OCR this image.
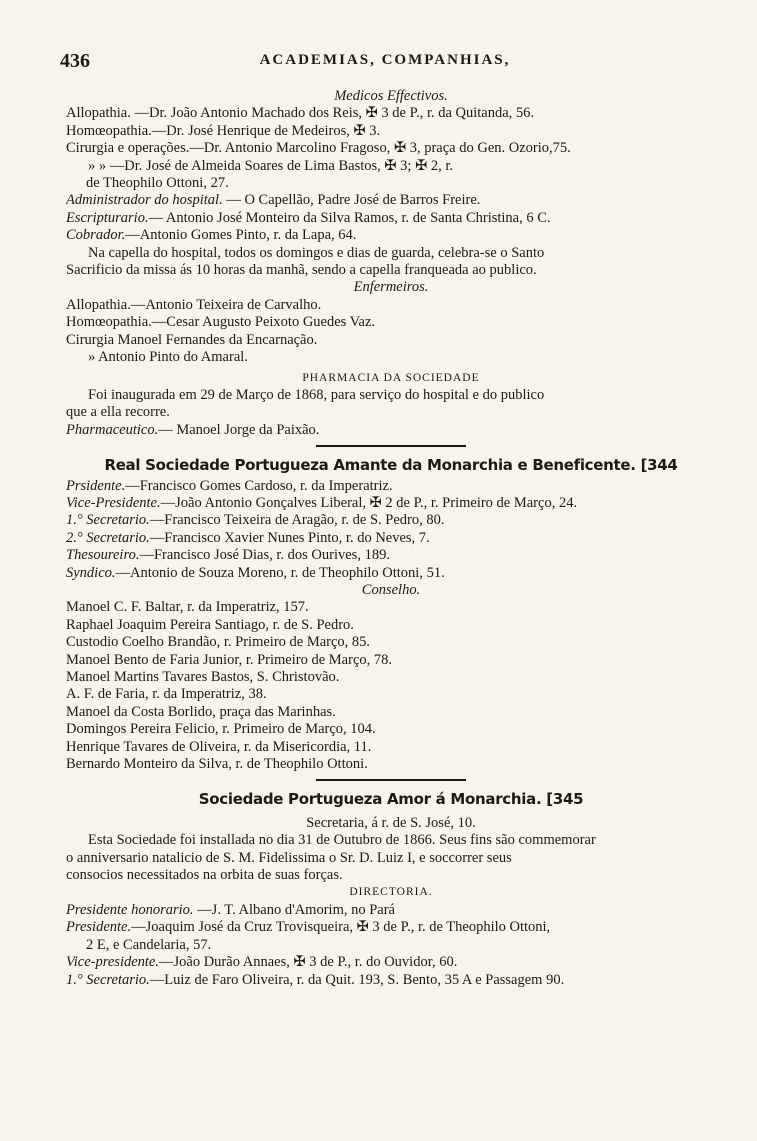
436	ACADEMIAS, COMPANHIAS,
Medicos Effectivos.
Allopathia. —Dr. João Antonio Machado dos Reis, ✠ 3 de P., r. da Quitanda, 56.
Homœopathia.—Dr. José Henrique de Medeiros, ✠ 3.
Cirurgia e operações.—Dr. Antonio Marcolino Fragoso, ✠ 3, praça do Gen. Ozorio,75.
» » —Dr. José de Almeida Soares de Lima Bastos, ✠ 3; ✠ 2, r.
de Theophilo Ottoni, 27.
Administrador do hospital. — O Capellão, Padre José de Barros Freire.
Escripturario.— Antonio José Monteiro da Silva Ramos, r. de Santa Christina, 6 C.
Cobrador.—Antonio Gomes Pinto, r. da Lapa, 64.
Na capella do hospital, todos os domingos e dias de guarda, celebra-se o Santo
Sacrificio da missa ás 10 horas da manhã, sendo a capella franqueada ao publico.
Enfermeiros.
Allopathia.—Antonio Teixeira de Carvalho.
Homœopathia.—Cesar Augusto Peixoto Guedes Vaz.
Cirurgia Manoel Fernandes da Encarnação.
» Antonio Pinto do Amaral.
PHARMACIA DA SOCIEDADE
Foi inaugurada em 29 de Março de 1868, para serviço do hospital e do publico
que a ella recorre.
Pharmaceutico.— Manoel Jorge da Paixão.
Real Sociedade Portugueza Amante da Monarchia e Beneficente. [344
Prsidente.—Francisco Gomes Cardoso, r. da Imperatriz.
Vice-Presidente.—João Antonio Gonçalves Liberal, ✠ 2 de P., r. Primeiro de Março, 24.
1.° Secretario.—Francisco Teixeira de Aragão, r. de S. Pedro, 80.
2.° Secretario.—Francisco Xavier Nunes Pinto, r. do Neves, 7.
Thesoureiro.—Francisco José Dias, r. dos Ourives, 189.
Syndico.—Antonio de Souza Moreno, r. de Theophilo Ottoni, 51.
Conselho.
Manoel C. F. Baltar, r. da Imperatriz, 157.
Raphael Joaquim Pereira Santiago, r. de S. Pedro.
Custodio Coelho Brandão, r. Primeiro de Março, 85.
Manoel Bento de Faria Junior, r. Primeiro de Março, 78.
Manoel Martins Tavares Bastos, S. Christovão.
A. F. de Faria, r. da Imperatriz, 38.
Manoel da Costa Borlido, praça das Marinhas.
Domingos Pereira Felicio, r. Primeiro de Março, 104.
Henrique Tavares de Oliveira, r. da Misericordia, 11.
Bernardo Monteiro da Silva, r. de Theophilo Ottoni.
Sociedade Portugueza Amor á Monarchia. [345
Secretaria, á r. de S. José, 10.
Esta Sociedade foi installada no dia 31 de Outubro de 1866. Seus fins são commemorar
o anniversario natalicio de S. M. Fidelissima o Sr. D. Luiz I, e soccorrer seus
consocios necessitados na orbita de suas forças.
DIRECTORIA.
Presidente honorario. —J. T. Albano d'Amorim, no Pará
Presidente.—Joaquim José da Cruz Trovisqueira, ✠ 3 de P., r. de Theophilo Ottoni,
2 E, e Candelaria, 57.
Vice-presidente.—João Durão Annaes, ✠ 3 de P., r. do Ouvidor, 60.
1.° Secretario.—Luiz de Faro Oliveira, r. da Quit. 193, S. Bento, 35 A e Passagem 90.
